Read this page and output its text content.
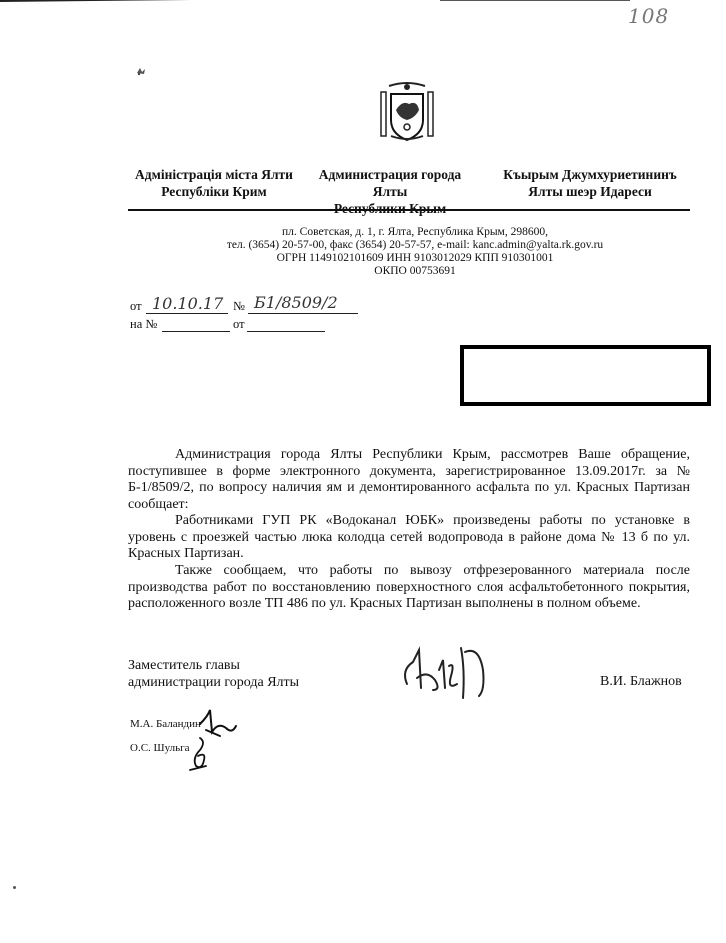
108
Адміністрація міста Ялти
Республіки Крим
Администрация города Ялты
Къырым Джумхуриетининъ
Ялты шеэр Идареси
пл. Советская, д. 1, г. Ялта, Республика Крым, 298600,
тел. (3654) 20-57-00, факс (3654) 20-57-57, e-mail: kanc.admin@yalta.rk.gov.ru
ОГРН 1149102101609 ИНН 9103012029 КПП 910301001
ОКПО 00753691
от 10.10.17 № Б1/8509/2
на №	от
Администрация города Ялты Республики Крым, рассмотрев Ваше обращение, поступившее в форме электронного документа, зарегистрированное 13.09.2017г. за № Б-1/8509/2, по вопросу наличия ям и демонтированного асфальта по ул. Красных Партизан сообщает:
Работниками ГУП РК «Водоканал ЮБК» произведены работы по установке в уровень с проезжей частью люка колодца сетей водопровода в районе дома № 13 б по ул. Красных Партизан.
Также сообщаем, что работы по вывозу отфрезерованного материала после производства работ по восстановлению поверхностного слоя асфальтобетонного покрытия, расположенного возле ТП 486 по ул. Красных Партизан выполнены в полном объеме.
Заместитель главы
администрации города Ялты	В.И. Блажнов
М.А. Баландин
О.С. Шульга
